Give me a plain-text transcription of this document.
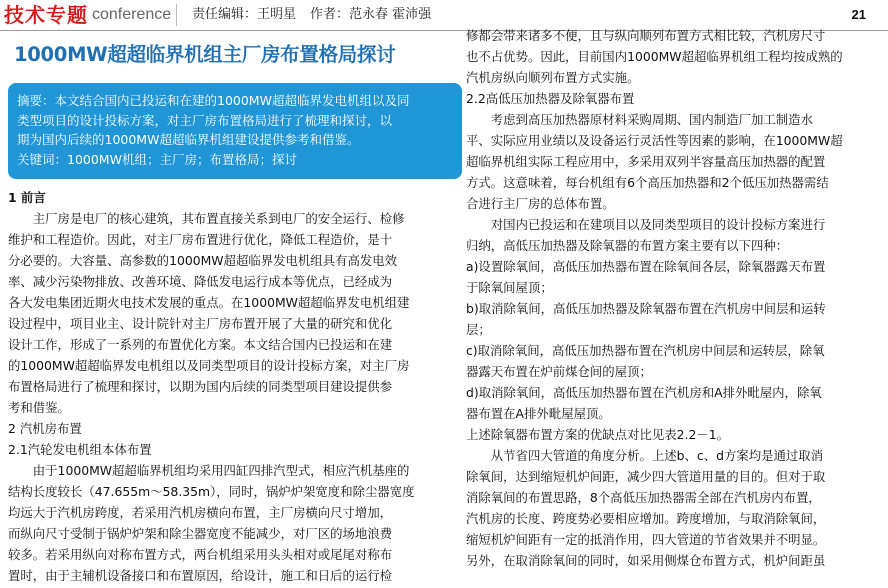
技术专题 conference 责任编辑：王明星 作者：范永春 霍沛强	21
1000MW超超临界机组主厂房布置格局探讨

摘要：本文结合国内已投运和在建的1000MW超超临界发电机组以及同

类型项目的设计投标方案，对主厂房布置格局进行了梳理和探讨，以

期为国内后续的1000MW超超临界机组建设提供参考和借鉴。

关键词：1000MW机组；主厂房；布置格局；探讨

1 前言

　　主厂房是电厂的核心建筑，其布置直接关系到电厂的安全运行、检修

维护和工程造价。因此，对主厂房布置进行优化，降低工程造价，是十

分必要的。大容量、高参数的1000MW超超临界发电机组具有高发电效

率、减少污染物排放、改善环境、降低发电运行成本等优点，已经成为

各大发电集团近期火电技术发展的重点。在1000MW超超临界发电机组建

设过程中，项目业主、设计院针对主厂房布置开展了大量的研究和优化

设计工作，形成了一系列的布置优化方案。本文结合国内已投运和在建

的1000MW超超临界发电机组以及同类型项目的设计投标方案，对主厂房

布置格局进行了梳理和探讨，以期为国内后续的同类型项目建设提供参

考和借鉴。

2 汽机房布置

2.1汽轮发电机组本体布置

　　由于1000MW超超临界机组均采用四缸四排汽型式，相应汽机基座的

结构长度较长（47.655m～58.35m），同时，锅炉炉架宽度和除尘器宽度

均远大于汽机房跨度，若采用汽机房横向布置，主厂房横向尺寸增加，

而纵向尺寸受制于锅炉炉架和除尘器宽度不能减少，对厂区的场地浪费

较多。若采用纵向对称布置方式，两台机组采用头头相对或尾尾对称布

置时，由于主辅机设备接口和布置原因，给设计，施工和日后的运行检

修都会带来诸多不便，且与纵向顺列布置方式相比较，汽机房尺寸

也不占优势。因此，目前国内1000MW超超临界机组工程均按成熟的

汽机房纵向顺列布置方式实施。

2.2高低压加热器及除氧器布置

　　考虑到高压加热器原材料采购周期、国内制造厂加工制造水

平、实际应用业绩以及设备运行灵活性等因素的影响，在1000MW超

超临界机组实际工程应用中，多采用双列半容量高压加热器的配置

方式。这意味着，每台机组有6个高压加热器和2个低压加热器需结

合进行主厂房的总体布置。

　　对国内已投运和在建项目以及同类型项目的设计投标方案进行

归纳，高低压加热器及除氧器的布置方案主要有以下四种：

a)设置除氧间，高低压加热器布置在除氧间各层，除氧器露天布置

于除氧间屋顶；

b)取消除氧间，高低压加热器及除氧器布置在汽机房中间层和运转

层；

c)取消除氧间，高低压加热器布置在汽机房中间层和运转层，除氧

器露天布置在炉前煤仓间的屋顶；

d)取消除氧间，高低压加热器布置在汽机房和A排外毗屋内，除氧

器布置在A排外毗屋屋顶。

上述除氧器布置方案的优缺点对比见表2.2－1。

　　从节省四大管道的角度分析。上述b、c、d方案均是通过取消

除氧间，达到缩短机炉间距，减少四大管道用量的目的。但对于取

消除氧间的布置思路，8个高低压加热器需全部在汽机房内布置，

汽机房的长度、跨度势必要相应增加。跨度增加，与取消除氧间，

缩短机炉间距有一定的抵消作用，四大管道的节省效果并不明显。

另外，在取消除氧间的同时，如采用侧煤仓布置方式，机炉间距虽
